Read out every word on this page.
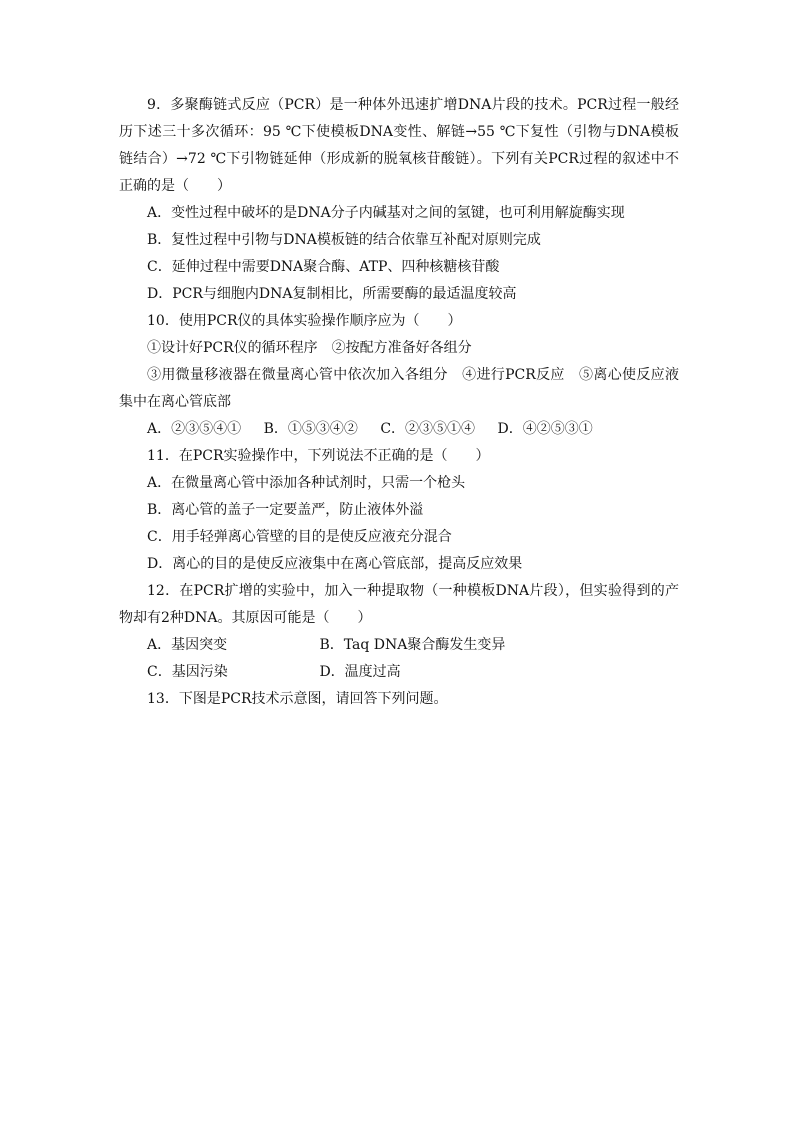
9．多聚酶链式反应（PCR）是一种体外迅速扩增DNA片段的技术。PCR过程一般经历下述三十多次循环：95 ℃下使模板DNA变性、解链→55 ℃下复性（引物与DNA模板链结合）→72 ℃下引物链延伸（形成新的脱氧核苷酸链）。下列有关PCR过程的叙述中不正确的是（　　）

A．变性过程中破坏的是DNA分子内碱基对之间的氢键，也可利用解旋酶实现

B．复性过程中引物与DNA模板链的结合依靠互补配对原则完成

C．延伸过程中需要DNA聚合酶、ATP、四种核糖核苷酸

D．PCR与细胞内DNA复制相比，所需要酶的最适温度较高

10．使用PCR仪的具体实验操作顺序应为（　　）

①设计好PCR仪的循环程序　②按配方准备好各组分

③用微量移液器在微量离心管中依次加入各组分　④进行PCR反应　⑤离心使反应液集中在离心管底部

A．②③⑤④① B．①⑤③④② C．②③⑤①④ D．④②⑤③①

11．在PCR实验操作中，下列说法不正确的是（　　）

A．在微量离心管中添加各种试剂时，只需一个枪头

B．离心管的盖子一定要盖严，防止液体外溢

C．用手轻弹离心管壁的目的是使反应液充分混合

D．离心的目的是使反应液集中在离心管底部，提高反应效果

12．在PCR扩增的实验中，加入一种提取物（一种模板DNA片段），但实验得到的产物却有2种DNA。其原因可能是（　　）

A．基因突变	B．Taq DNA聚合酶发生变异

C．基因污染	D．温度过高

13．下图是PCR技术示意图，请回答下列问题。
